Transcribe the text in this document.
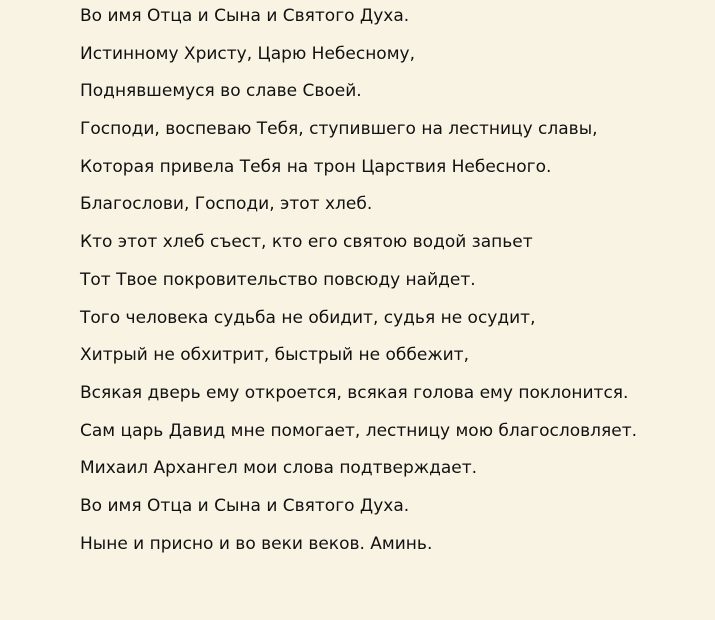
Во имя Отца и Сына и Святого Духа.
Истинному Христу, Царю Небесному,
Поднявшемуся во славе Своей.
Господи, воспеваю Тебя, ступившего на лестницу славы,
Которая привела Тебя на трон Царствия Небесного.
Благослови, Господи, этот хлеб.
Кто этот хлеб съест, кто его святою водой запьет
Тот Твое покровительство повсюду найдет.
Того человека судьба не обидит, судья не осудит,
Хитрый не обхитрит, быстрый не оббежит,
Всякая дверь ему откроется, всякая голова ему поклонится.
Сам царь Давид мне помогает, лестницу мою благословляет.
Михаил Архангел мои слова подтверждает.
Во имя Отца и Сына и Святого Духа.
Ныне и присно и во веки веков. Аминь.
